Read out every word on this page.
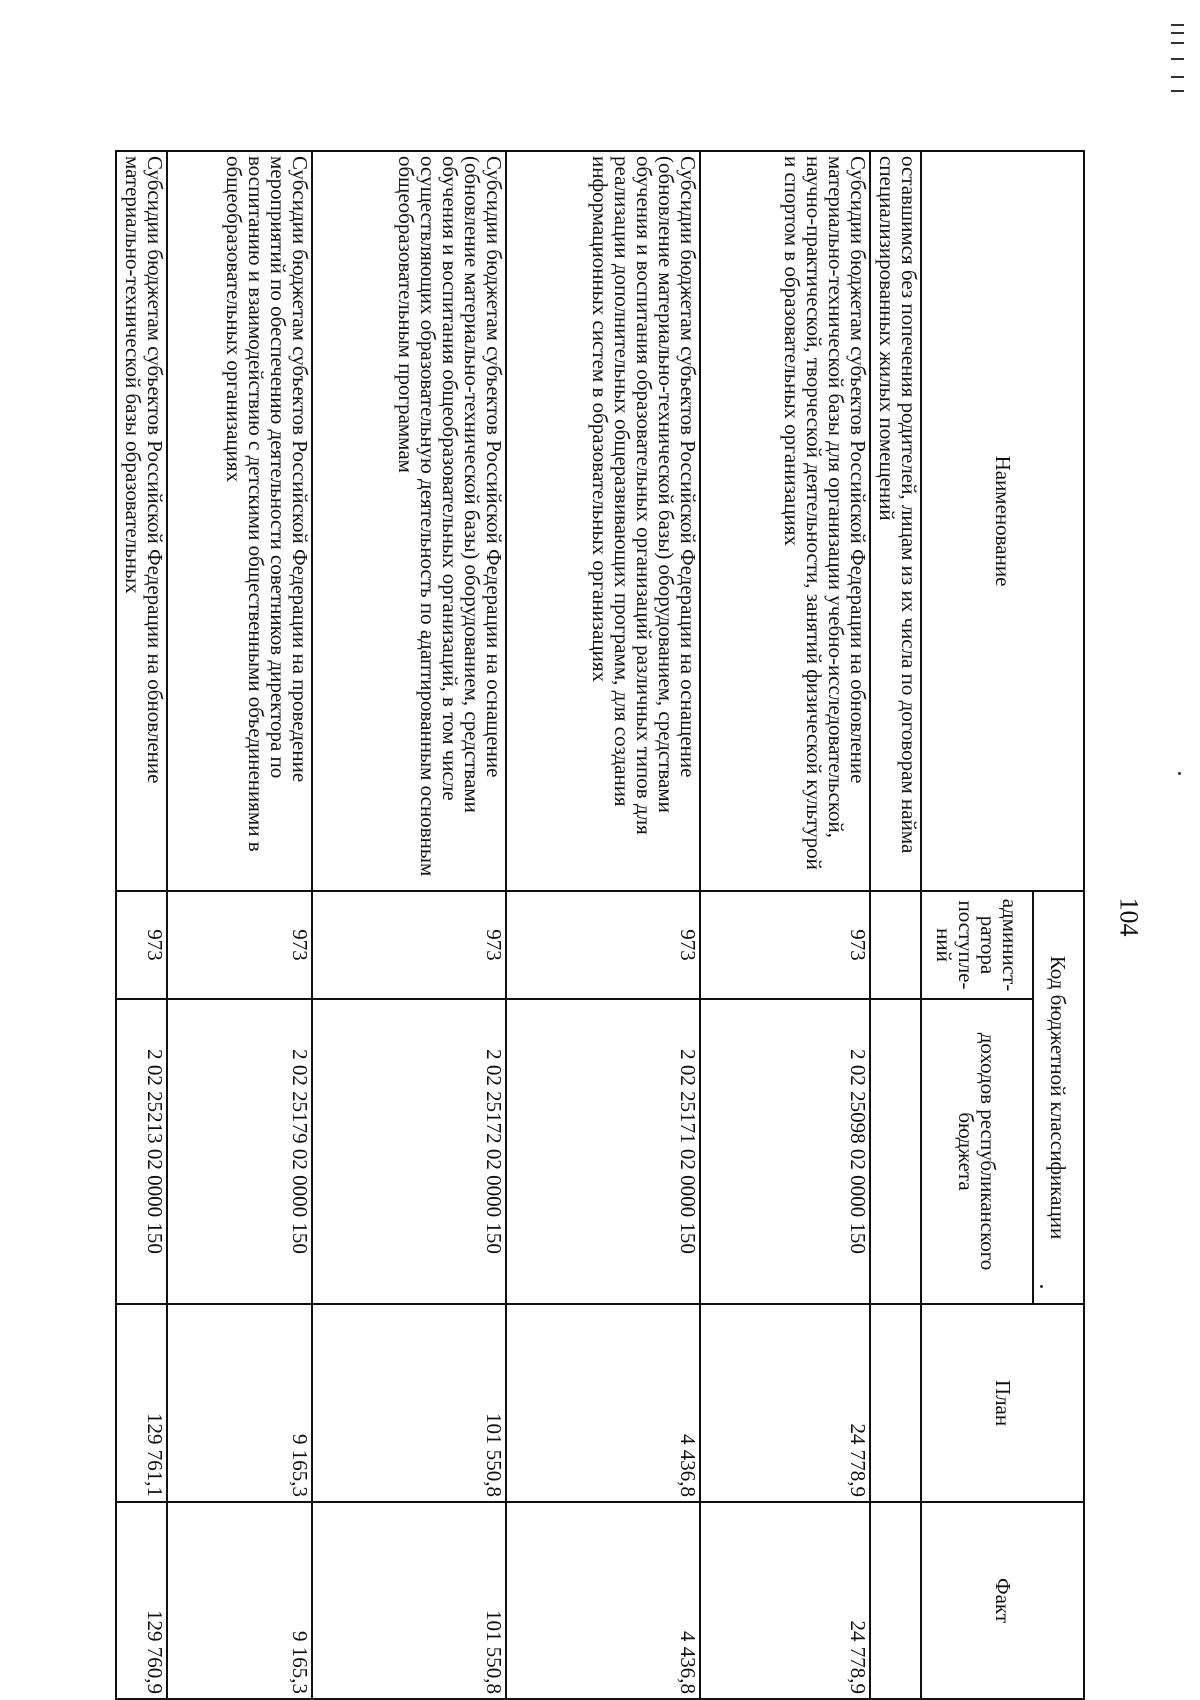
104
Наименование	Код бюджетной классификации		План	Факт
	админист-ратора поступле-ний	доходов республиканского бюджета		
оставшимся без попечения родителей, лицам из их числа по договорам найма специализированных жилых помещений				
Субсидии бюджетам субъектов Российской Федерации на обновление материально-технической базы для организации учебно-исследовательской, научно-практической, творческой деятельности, занятий физической культурой и спортом в образовательных организациях	973	2 02 25098 02 0000 150	24 778,9	24 778,9
Субсидии бюджетам субъектов Российской Федерации на оснащение (обновление материально-технической базы) оборудованием, средствами обучения и воспитания образовательных организаций различных типов для реализации дополнительных общеразвивающих программ, для создания информационных систем в образовательных организациях	973	2 02 25171 02 0000 150	4 436,8	4 436,8
Субсидии бюджетам субъектов Российской Федерации на оснащение (обновление материально-технической базы) оборудованием, средствами обучения и воспитания общеобразовательных организаций, в том числе осуществляющих образовательную деятельность по адаптированным основным общеобразовательным программам	973	2 02 25172 02 0000 150	101 550,8	101 550,8
Субсидии бюджетам субъектов Российской Федерации на проведение мероприятий по обеспечению деятельности советников директора по воспитанию и взаимодействию с детскими общественными объединениями в общеобразовательных организациях	973	2 02 25179 02 0000 150	9 165,3	9 165,3
Субсидии бюджетам субъектов Российской Федерации на обновление материально-технической базы образовательных	973	2 02 25213 02 0000 150	129 761,1	129 760,9
